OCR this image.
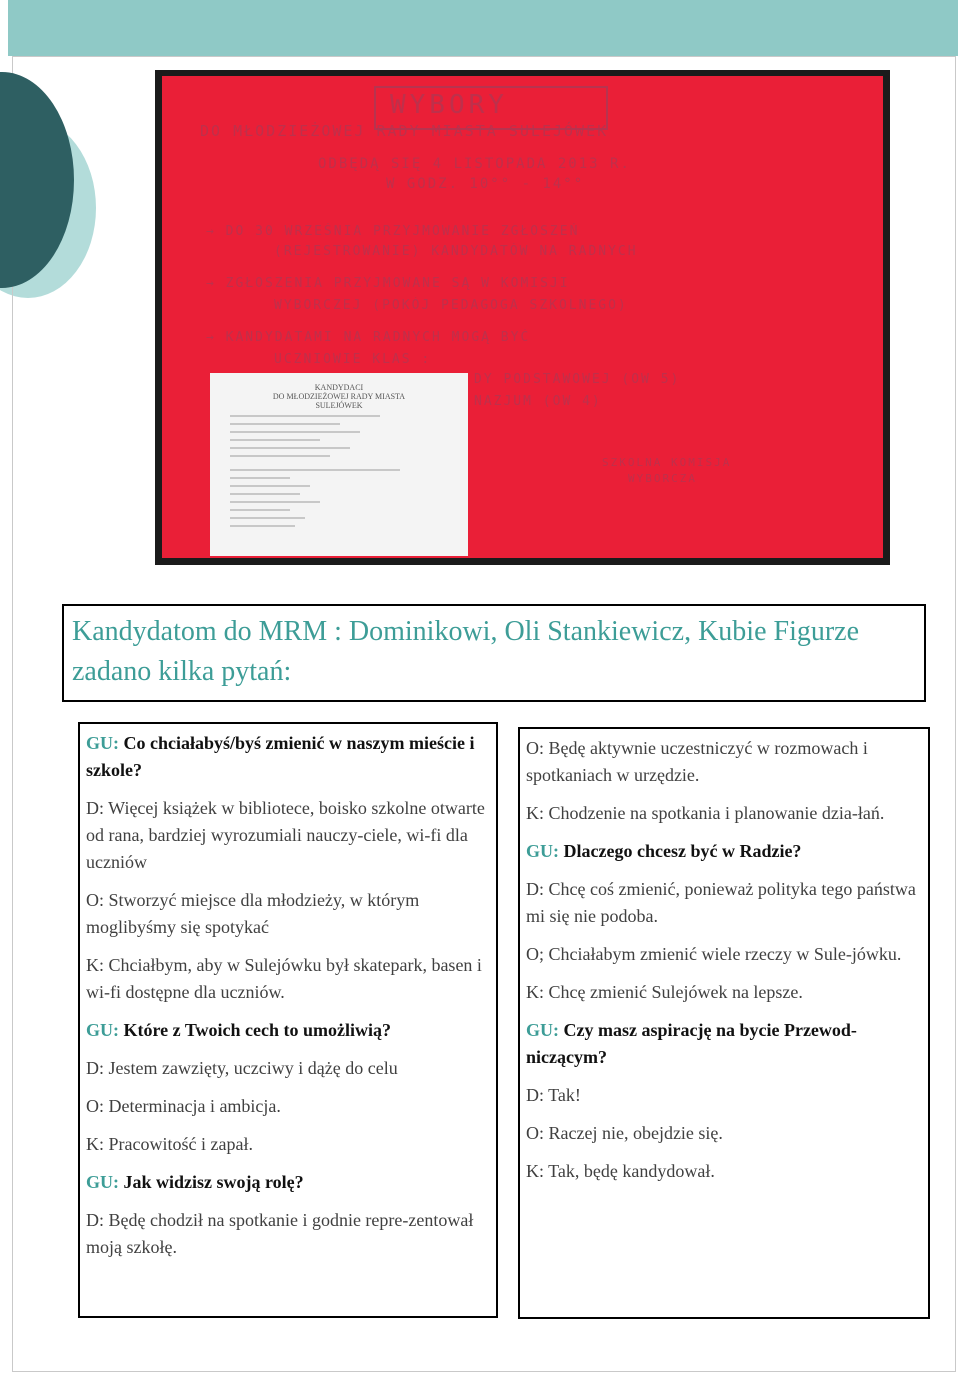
WYBORY
DO MŁODZIEŻOWEJ RADY MIASTA SULEJÓWEK
ODBĘDĄ SIĘ 4 LISTOPADA 2013 R.
W GODZ. 10°° - 14°°
→ DO 30 WRZEŚNIA PRZYJMOWANIE ZGŁOSZEŃ
(REJESTROWANIE) KANDYDATÓW NA RADNYCH
→ ZGŁOSZENIA PRZYJMOWANE SĄ W KOMISJI
WYBORCZEJ (POKÓJ PEDAGOGA SZKOLNEGO)
→ KANDYDATAMI NA RADNYCH MOGĄ BYĆ
UCZNIOWIE KLAS :
DY PODSTAWOWEJ (OW 5)
NAZJUM (OW 4)
SZKOLNA KOMISJA
WYBORCZA
KANDYDACI
DO MŁODZIEŻOWEJ RADY MIASTA
SULEJÓWEK
Kandydatom do MRM : Dominikowi, Oli Stankiewicz, Kubie Figurze zadano kilka pytań:

GU: Co chciałabyś/byś zmienić w naszym mieście i szkole?

D: Więcej książek w bibliotece, boisko szkolne otwarte od rana, bardziej wyrozumiali nauczy-ciele, wi-fi dla uczniów

O: Stworzyć miejsce dla młodzieży, w którym moglibyśmy się spotykać

K: Chciałbym, aby w Sulejówku był skatepark, basen i wi-fi dostępne dla uczniów.

GU: Które z Twoich cech to umożliwią?

D: Jestem zawzięty, uczciwy i dążę do celu

O: Determinacja i ambicja.

K: Pracowitość i zapał.

GU: Jak widzisz swoją rolę?

D: Będę chodził na spotkanie i godnie repre-zentował moją szkołę.

O: Będę aktywnie uczestniczyć w rozmowach i spotkaniach w urzędzie.

K: Chodzenie na spotkania i planowanie dzia-łań.

GU: Dlaczego chcesz być w Radzie?

D: Chcę coś zmienić, ponieważ polityka tego państwa mi się nie podoba.

O; Chciałabym zmienić wiele rzeczy w Sule-jówku.

K: Chcę zmienić Sulejówek na lepsze.

GU: Czy masz aspirację na bycie Przewod-niczącym?

D: Tak!

O: Raczej nie, obejdzie się.

K: Tak, będę kandydował.
